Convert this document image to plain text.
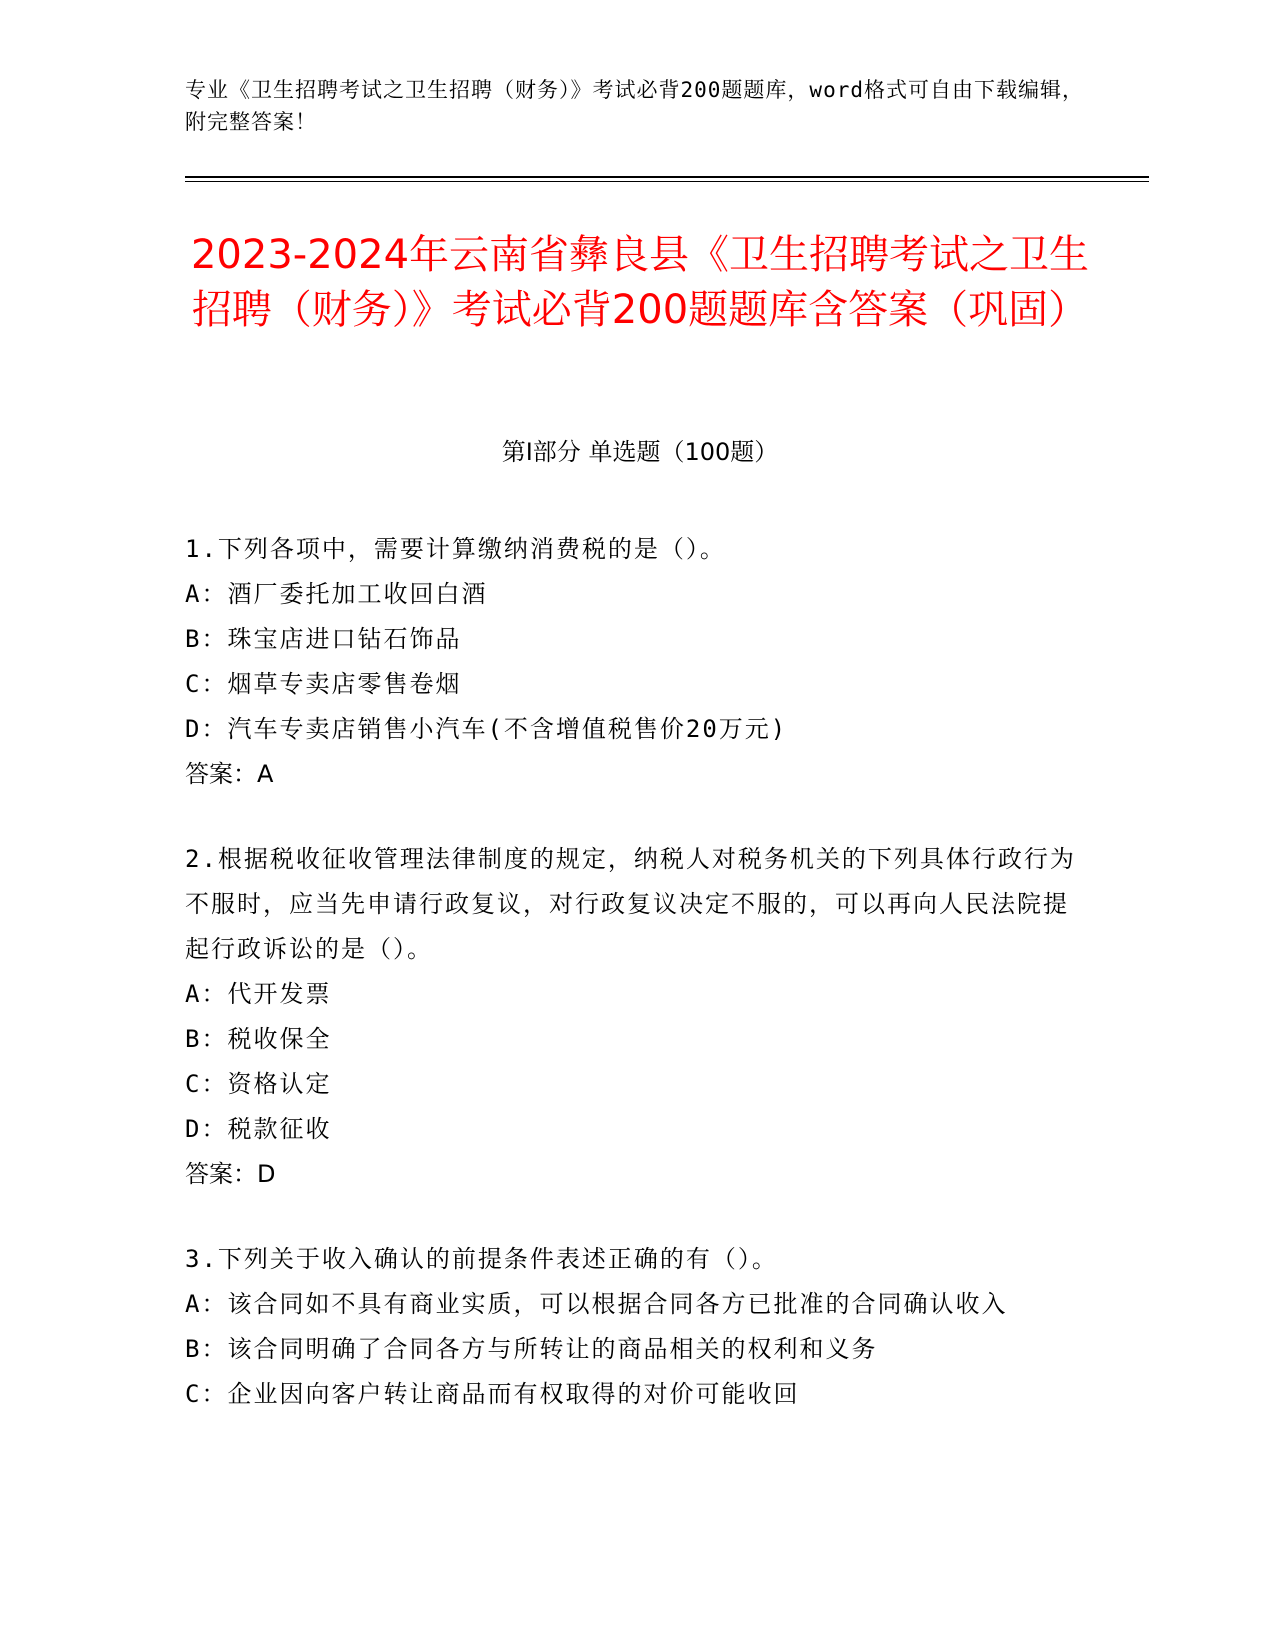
专业《卫生招聘考试之卫生招聘（财务）》考试必背200题题库，word格式可自由下载编辑，附完整答案！
2023-2024年云南省彝良县《卫生招聘考试之卫生招聘（财务）》考试必背200题题库含答案（巩固）
第I部分 单选题（100题）

1.下列各项中，需要计算缴纳消费税的是（）。

A：酒厂委托加工收回白酒

B：珠宝店进口钻石饰品

C：烟草专卖店零售卷烟

D：汽车专卖店销售小汽车(不含增值税售价20万元)

答案：A

2.根据税收征收管理法律制度的规定，纳税人对税务机关的下列具体行政行为不服时，应当先申请行政复议，对行政复议决定不服的，可以再向人民法院提起行政诉讼的是（）。

A：代开发票

B：税收保全

C：资格认定

D：税款征收

答案：D

3.下列关于收入确认的前提条件表述正确的有（）。

A：该合同如不具有商业实质，可以根据合同各方已批准的合同确认收入

B：该合同明确了合同各方与所转让的商品相关的权利和义务

C：企业因向客户转让商品而有权取得的对价可能收回
